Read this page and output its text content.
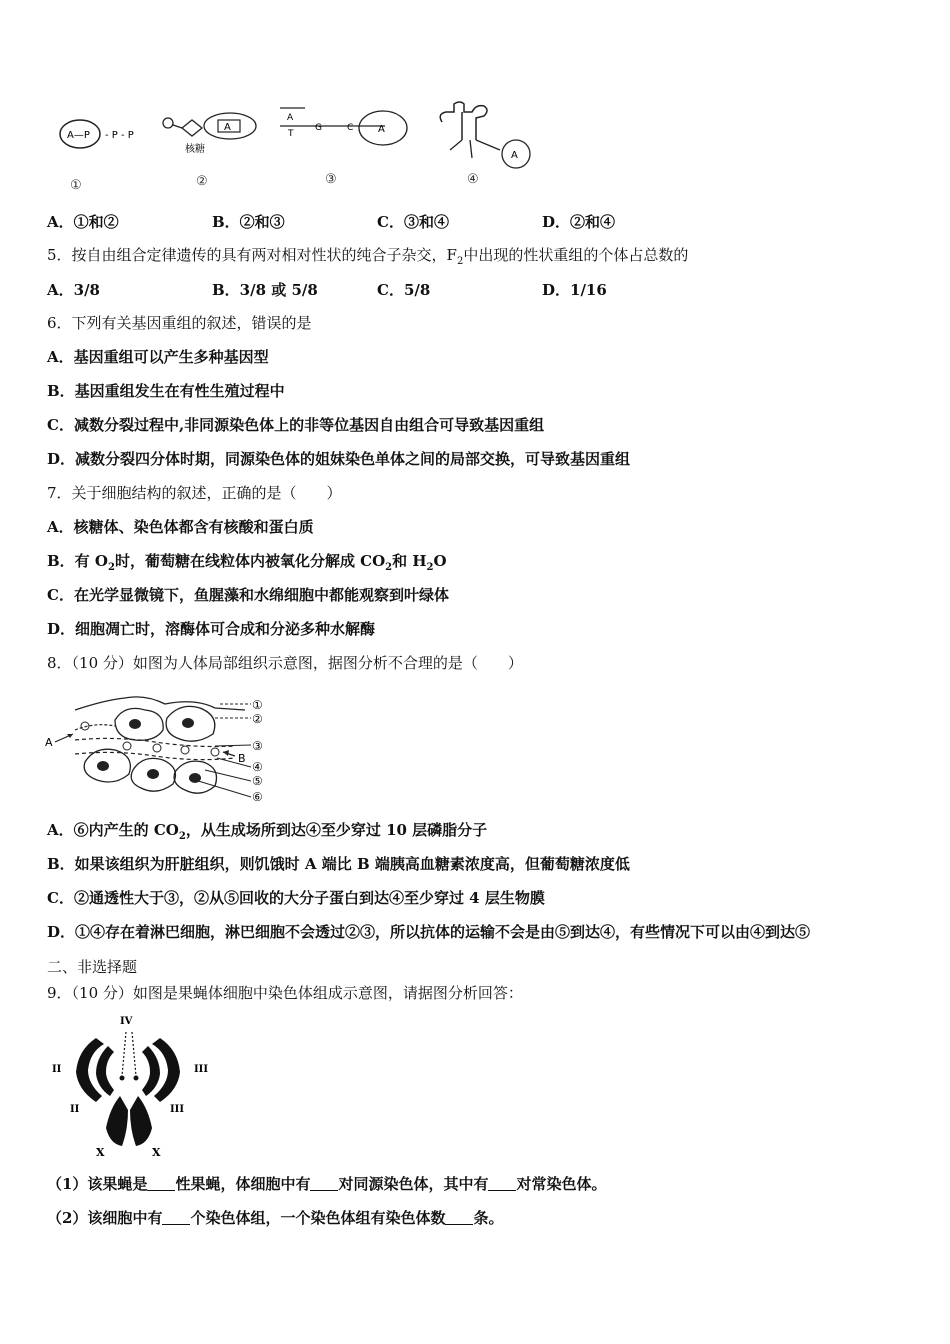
A—P - P - P
①
A
核糖
②
A
T
G	C A
③
A
④
A．①和②	B．②和③	C．③和④	D．②和④
5．按自由组合定律遗传的具有两对相对性状的纯合子杂交，$F_2$中出现的性状重组的个体占总数的
A．3/8	B．3/8 或 5/8	C．5/8	D．1/16
6．下列有关基因重组的叙述，错误的是
A．基因重组可以产生多种基因型
B．基因重组发生在有性生殖过程中
C．减数分裂过程中,非同源染色体上的非等位基因自由组合可导致基因重组
D．减数分裂四分体时期，同源染色体的姐妹染色单体之间的局部交换，可导致基因重组
7．关于细胞结构的叙述，正确的是（　　）
A．核糖体、染色体都含有核酸和蛋白质
B．有 $O_2$时，葡萄糖在线粒体内被氧化分解成 $CO_2$和 $H_2O$
C．在光学显微镜下，鱼腥藻和水绵细胞中都能观察到叶绿体
D．细胞凋亡时，溶酶体可合成和分泌多种水解酶
8．（10 分）如图为人体局部组织示意图，据图分析不合理的是（　　）
A
B
①
②
③
④
⑤
⑥
A．⑥内产生的 $CO_2$，从生成场所到达④至少穿过 10 层磷脂分子
B．如果该组织为肝脏组织，则饥饿时 A 端比 B 端胰高血糖素浓度高，但葡萄糖浓度低
C．②通透性大于③，②从⑤回收的大分子蛋白到达④至少穿过 4 层生物膜
D．①④存在着淋巴细胞，淋巴细胞不会透过②③，所以抗体的运输不会是由⑤到达④，有些情况下可以由④到达⑤
二、非选择题
9．（10 分）如图是果蝇体细胞中染色体组成示意图，请据图分析回答：
IV
II	III
II	III
X	X
（1）该果蝇是 性果蝇，体细胞中有 对同源染色体，其中有 对常染色体。
（2）该细胞中有 个染色体组，一个染色体组有染色体数 条。
